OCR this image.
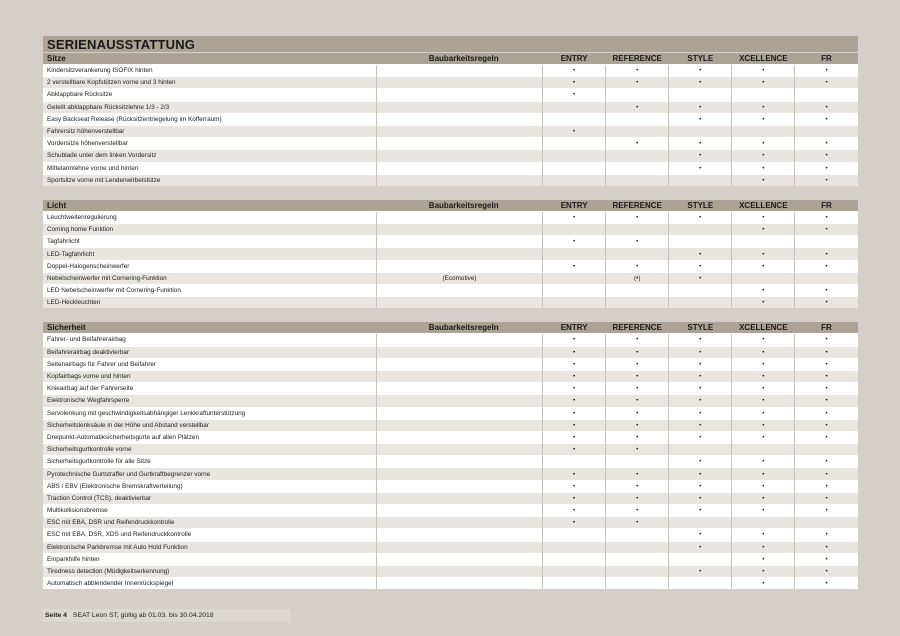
SERIENAUSSTATTUNG
Sitze	Baubarkeitsregeln	ENTRY	REFERENCE	STYLE	XCELLENCE	FR
Kindersitzverankerung ISOFIX hinten		•	•	•	•	•
2 verstellbare Kopfstützen vorne und 3 hinten		•	•	•	•	•
Abklappbare Rücksitze		•				
Geteilt abklappbare Rücksitzlehne 1/3 - 2/3			•	•	•	•
Easy Backseat Release (Rücksitzentriegelung im Kofferraum)				•	•	•
Fahrersitz höhenverstellbar		•				
Vordersitze höhenverstellbar			•	•	•	•
Schublade unter dem linken Vordersitz				•	•	•
Mittelarmlehne vorne und hinten				•	•	•
Sportsitze vorne mit Lendenwirbelstütze					•	•
Licht	Baubarkeitsregeln	ENTRY	REFERENCE	STYLE	XCELLENCE	FR
Leuchtweitenregulierung		•	•	•	•	•
Coming home Funktion					•	•
Tagfahrlicht		•	•			
LED-Tagfahrlicht				•	•	•
Doppel-Halogenscheinwerfer		•	•	•	•	•
Nebelscheinwerfer mit Cornering-Funktion	(Ecomotive)		(•)	•		
LED Nebelscheinwerfer mit Cornering-Funktion					•	•
LED-Heckleuchten					•	•
Sicherheit	Baubarkeitsregeln	ENTRY	REFERENCE	STYLE	XCELLENCE	FR
Fahrer- und Beifahrerairbag		•	•	•	•	•
Beifahrerairbag deaktivierbar		•	•	•	•	•
Seitenairbags für Fahrer und Beifahrer		•	•	•	•	•
Kopfairbags vorne und hinten		•	•	•	•	•
Knieairbag auf der Fahrerseite		•	•	•	•	•
Elektronische Wegfahrsperre		•	•	•	•	•
Servolenkung mit geschwindigkeitsabhängiger Lenkkraftunterstützung		•	•	•	•	•
Sicherheitslenksäule in der Höhe und Abstand verstellbar		•	•	•	•	•
Dreipunkt-Automatiksicherheitsgurte auf allen Plätzen		•	•	•	•	•
Sicherheitsgurtkontrolle vorne		•	•			
Sicherheitsgurtkontrolle für alle Sitze				•	•	•
Pyrotechnische Gurtstraffer und Gurtkraftbegrenzer vorne		•	•	•	•	•
ABS / EBV (Elektronische Bremskraftverteilung)		•	•	•	•	•
Traction Control (TCS), deaktivierbar		•	•	•	•	•
Multikollisionsbremse		•	•	•	•	•
ESC mit EBA, DSR und Reifendruckkontrolle		•	•			
ESC mit EBA, DSR, XDS und Reifendruckkontrolle				•	•	•
Elektronische Parkbremse mit Auto Hold Funktion				•	•	•
Einparkhilfe hinten					•	•
Tiredness detection (Müdigkeitserkennung)				•	•	•
Automatisch abblendender Innenrückspiegel					•	•
Seite 4 SEAT Leon ST, gültig ab 01.03. bis 30.04.2018
